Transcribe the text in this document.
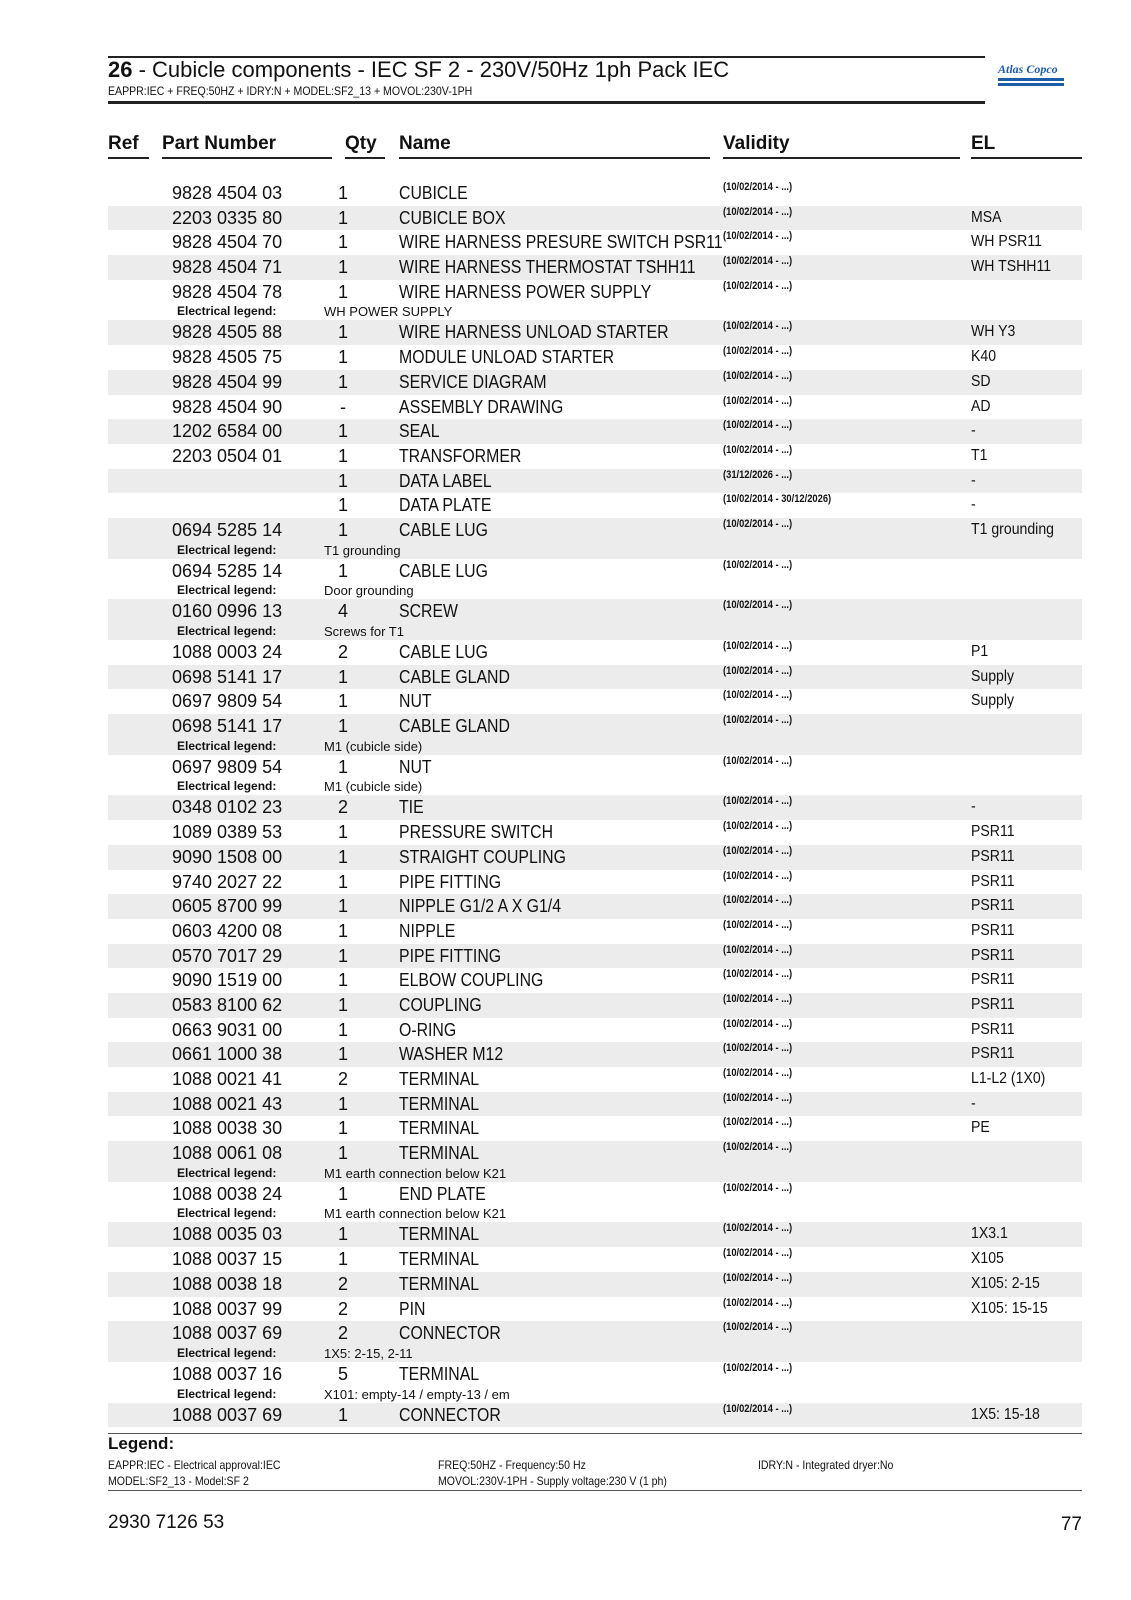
26 - Cubicle components - IEC SF 2 - 230V/50Hz 1ph Pack IEC
EAPPR:IEC + FREQ:50HZ + IDRY:N + MODEL:SF2_13 + MOVOL:230V-1PH
Atlas Copco
Ref Part Number	Qty Name	Validity	EL
9828 4504 03	1	CUBICLE	(10/02/2014 - ...)
2203 0335 80	1	CUBICLE BOX	(10/02/2014 - ...)	MSA
9828 4504 70	1	WIRE HARNESS PRESURE SWITCH PSR11 (10/02/2014 - ...)	WH PSR11
9828 4504 71	1	WIRE HARNESS THERMOSTAT TSHH11 (10/02/2014 - ...)	WH TSHH11
9828 4504 78	1	WIRE HARNESS POWER SUPPLY	(10/02/2014 - ...)
Electrical legend:	WH POWER SUPPLY
9828 4505 88	1	WIRE HARNESS UNLOAD STARTER	(10/02/2014 - ...)	WH Y3
9828 4505 75	1	MODULE UNLOAD STARTER	(10/02/2014 - ...)	K40
9828 4504 99	1	SERVICE DIAGRAM	(10/02/2014 - ...)	SD
9828 4504 90	-	ASSEMBLY DRAWING	(10/02/2014 - ...)	AD
1202 6584 00	1	SEAL	(10/02/2014 - ...)	-
2203 0504 01	1	TRANSFORMER	(10/02/2014 - ...)	T1
1	DATA LABEL	(31/12/2026 - ...)	-
1	DATA PLATE	(10/02/2014 - 30/12/2026)	-
0694 5285 14	1	CABLE LUG	(10/02/2014 - ...)	T1 grounding
Electrical legend:	T1 grounding
0694 5285 14	1	CABLE LUG	(10/02/2014 - ...)
Electrical legend:	Door grounding
0160 0996 13	4	SCREW	(10/02/2014 - ...)
Electrical legend:	Screws for T1
1088 0003 24	2	CABLE LUG	(10/02/2014 - ...)	P1
0698 5141 17	1	CABLE GLAND	(10/02/2014 - ...)	Supply
0697 9809 54	1	NUT	(10/02/2014 - ...)	Supply
0698 5141 17	1	CABLE GLAND	(10/02/2014 - ...)
Electrical legend:	M1 (cubicle side)
0697 9809 54	1	NUT	(10/02/2014 - ...)
Electrical legend:	M1 (cubicle side)
0348 0102 23	2	TIE	(10/02/2014 - ...)	-
1089 0389 53	1	PRESSURE SWITCH	(10/02/2014 - ...)	PSR11
9090 1508 00	1	STRAIGHT COUPLING	(10/02/2014 - ...)	PSR11
9740 2027 22	1	PIPE FITTING	(10/02/2014 - ...)	PSR11
0605 8700 99	1	NIPPLE G1/2 A X G1/4	(10/02/2014 - ...)	PSR11
0603 4200 08	1	NIPPLE	(10/02/2014 - ...)	PSR11
0570 7017 29	1	PIPE FITTING	(10/02/2014 - ...)	PSR11
9090 1519 00	1	ELBOW COUPLING	(10/02/2014 - ...)	PSR11
0583 8100 62	1	COUPLING	(10/02/2014 - ...)	PSR11
0663 9031 00	1	O-RING	(10/02/2014 - ...)	PSR11
0661 1000 38	1	WASHER M12	(10/02/2014 - ...)	PSR11
1088 0021 41	2	TERMINAL	(10/02/2014 - ...)	L1-L2 (1X0)
1088 0021 43	1	TERMINAL	(10/02/2014 - ...)	-
1088 0038 30	1	TERMINAL	(10/02/2014 - ...)	PE
1088 0061 08	1	TERMINAL	(10/02/2014 - ...)
Electrical legend:	M1 earth connection below K21
1088 0038 24	1	END PLATE	(10/02/2014 - ...)
Electrical legend:	M1 earth connection below K21
1088 0035 03	1	TERMINAL	(10/02/2014 - ...)	1X3.1
1088 0037 15	1	TERMINAL	(10/02/2014 - ...)	X105
1088 0038 18	2	TERMINAL	(10/02/2014 - ...)	X105: 2-15
1088 0037 99	2	PIN	(10/02/2014 - ...)	X105: 15-15
1088 0037 69	2	CONNECTOR	(10/02/2014 - ...)
Electrical legend:	1X5: 2-15, 2-11
1088 0037 16	5	TERMINAL	(10/02/2014 - ...)
Electrical legend:	X101: empty-14 / empty-13 / em
1088 0037 69	1	CONNECTOR	(10/02/2014 - ...)	1X5: 15-18
Legend:
EAPPR:IEC - Electrical approval:IEC
MODEL:SF2_13 - Model:SF 2
FREQ:50HZ - Frequency:50 Hz
MOVOL:230V-1PH - Supply voltage:230 V (1 ph)
IDRY:N - Integrated dryer:No
2930 7126 53	77
